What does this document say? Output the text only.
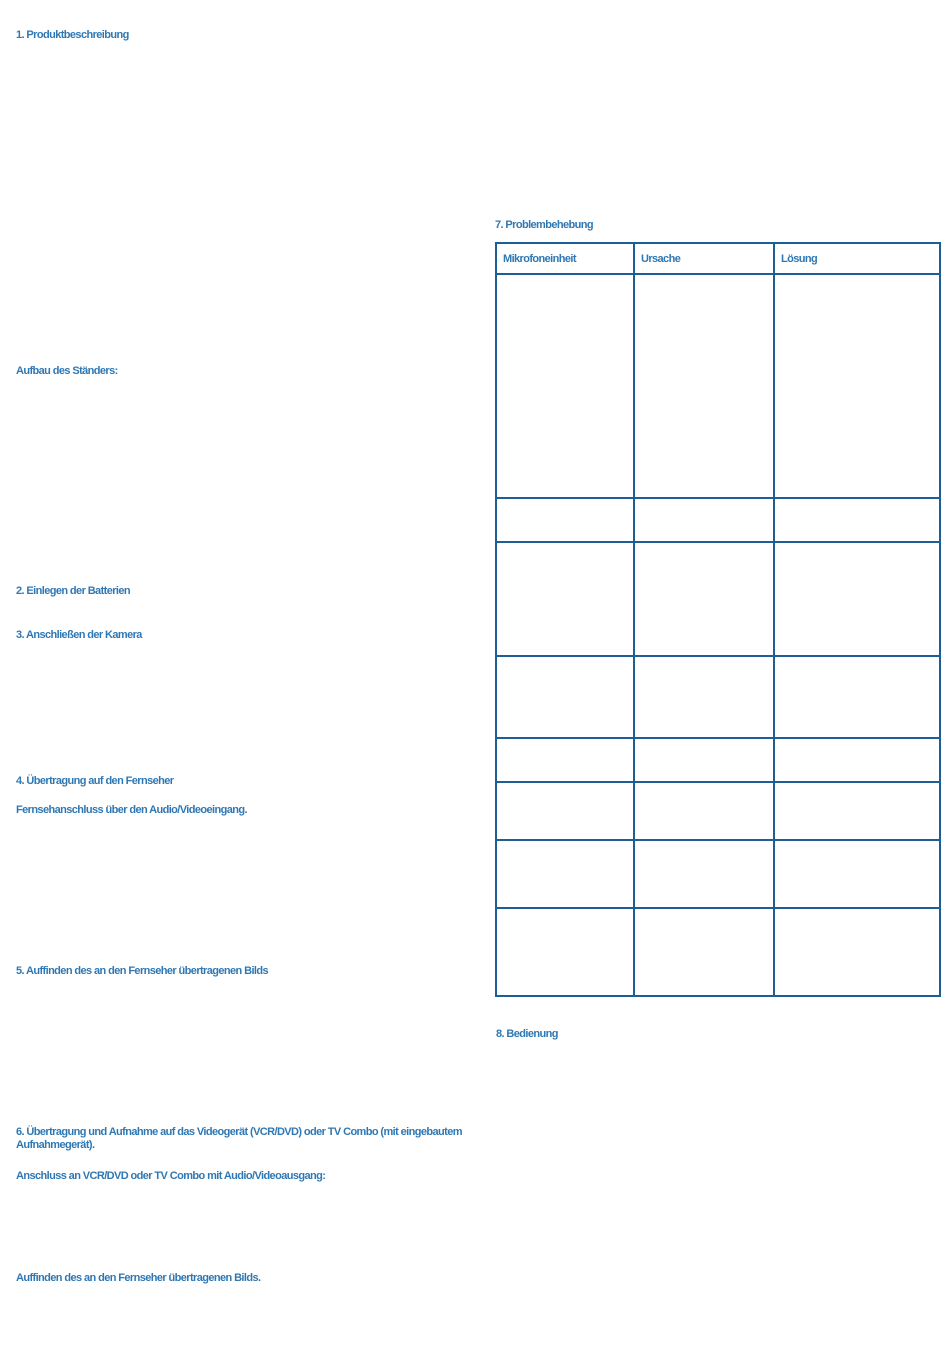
1. Produktbeschreibung
Aufbau des Ständers:
2. Einlegen der Batterien
3. Anschließen der Kamera
4. Übertragung auf den Fernseher
Fernsehanschluss über den Audio/Videoeingang.
5. Auffinden des an den Fernseher übertragenen Bilds
6. Übertragung und Aufnahme auf das Videogerät (VCR/DVD) oder TV Combo (mit eingebautem Aufnahmegerät).
Anschluss an VCR/DVD oder TV Combo mit Audio/Videoausgang:
Auffinden des an den Fernseher übertragenen Bilds.
7. Problembehebung
Mikrofoneinheit	Ursache	Lösung

8. Bedienung
